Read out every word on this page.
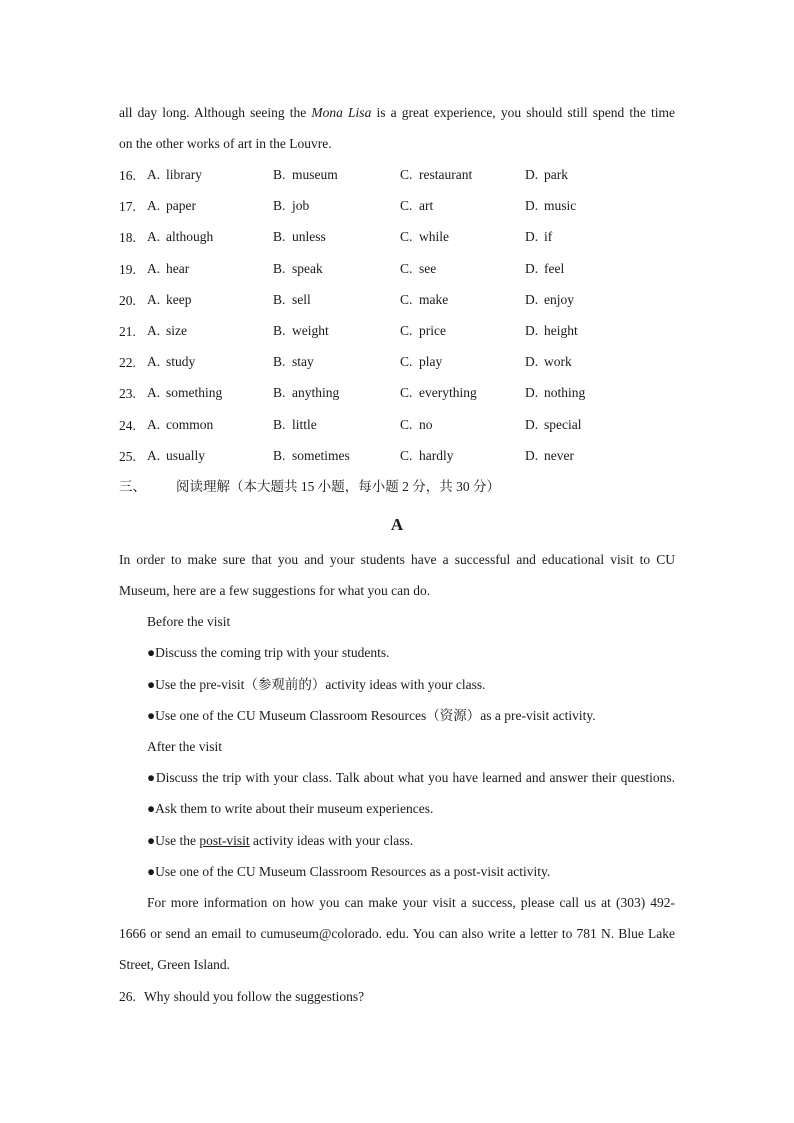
all day long. Although seeing the Mona Lisa is a great experience, you should still spend the time
on the other works of art in the Louvre.
16. A. library	B. museum	C. restaurant	D. park
17. A. paper	B. job	C. art	D. music
18. A. although	B. unless	C. while	D. if
19. A. hear	B. speak	C. see	D. feel
20. A. keep	B. sell	C. make	D. enjoy
21. A. size	B. weight	C. price	D. height
22. A. study	B. stay	C. play	D. work
23. A. something	B. anything	C. everything	D. nothing
24. A. common	B. little	C. no	D. special
25. A. usually	B. sometimes	C. hardly	D. never
三、 阅读理解（本大题共 15 小题，每小题 2 分，共 30 分）
A
In order to make sure that you and your students have a successful and educational visit to CU
Museum, here are a few suggestions for what you can do.
Before the visit
●Discuss the coming trip with your students.
●Use the pre-visit（参观前的）activity ideas with your class.
●Use one of the CU Museum Classroom Resources（资源）as a pre-visit activity.
After the visit
●Discuss the trip with your class. Talk about what you have learned and answer their questions.
●Ask them to write about their museum experiences.
●Use the post-visit activity ideas with your class.
●Use one of the CU Museum Classroom Resources as a post-visit activity.
For more information on how you can make your visit a success, please call us at (303) 492-
1666 or send an email to cumuseum@colorado. edu. You can also write a letter to 781 N. Blue Lake
Street, Green Island.
26. Why should you follow the suggestions?
